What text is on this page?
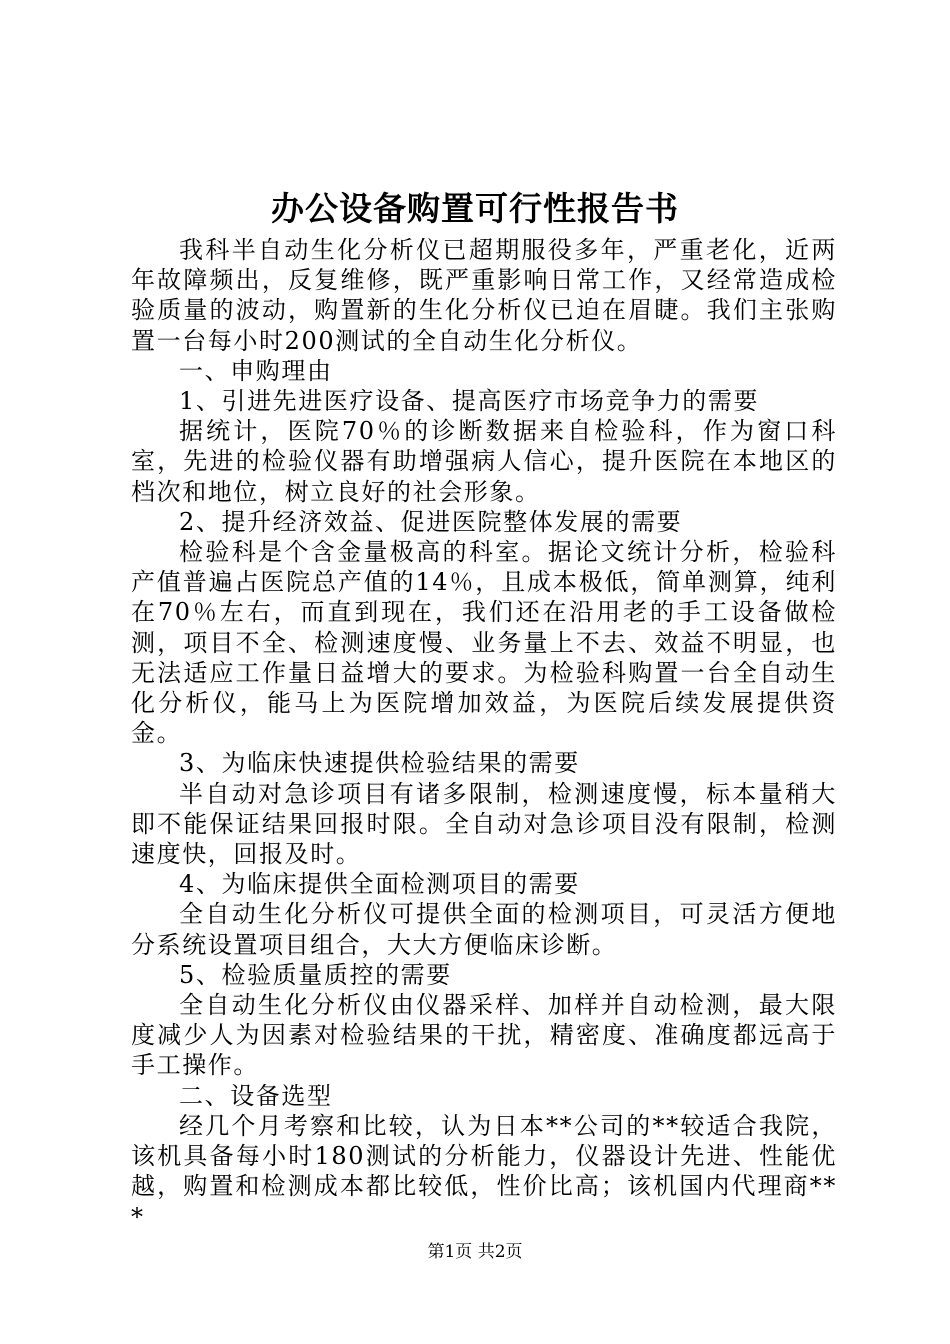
办公设备购置可行性报告书

我科半自动生化分析仪已超期服役多年，严重老化，近两年故障频出，反复维修，既严重影响日常工作，又经常造成检验质量的波动，购置新的生化分析仪已迫在眉睫。我们主张购置一台每小时200测试的全自动生化分析仪。

一、申购理由

1、引进先进医疗设备、提高医疗市场竞争力的需要

据统计，医院70％的诊断数据来自检验科，作为窗口科室，先进的检验仪器有助增强病人信心，提升医院在本地区的档次和地位，树立良好的社会形象。

2、提升经济效益、促进医院整体发展的需要

检验科是个含金量极高的科室。据论文统计分析，检验科产值普遍占医院总产值的14％，且成本极低，简单测算，纯利在70％左右，而直到现在，我们还在沿用老的手工设备做检测，项目不全、检测速度慢、业务量上不去、效益不明显，也无法适应工作量日益增大的要求。为检验科购置一台全自动生化分析仪，能马上为医院增加效益，为医院后续发展提供资金。

3、为临床快速提供检验结果的需要

半自动对急诊项目有诸多限制，检测速度慢，标本量稍大即不能保证结果回报时限。全自动对急诊项目没有限制，检测速度快，回报及时。

4、为临床提供全面检测项目的需要

全自动生化分析仪可提供全面的检测项目，可灵活方便地分系统设置项目组合，大大方便临床诊断。

5、检验质量质控的需要

全自动生化分析仪由仪器采样、加样并自动检测，最大限度减少人为因素对检验结果的干扰，精密度、准确度都远高于手工操作。

二、设备选型

经几个月考察和比较，认为日本**公司的**较适合我院，该机具备每小时180测试的分析能力，仪器设计先进、性能优越，购置和检测成本都比较低，性价比高；该机国内代理商***

第1页 共2页
